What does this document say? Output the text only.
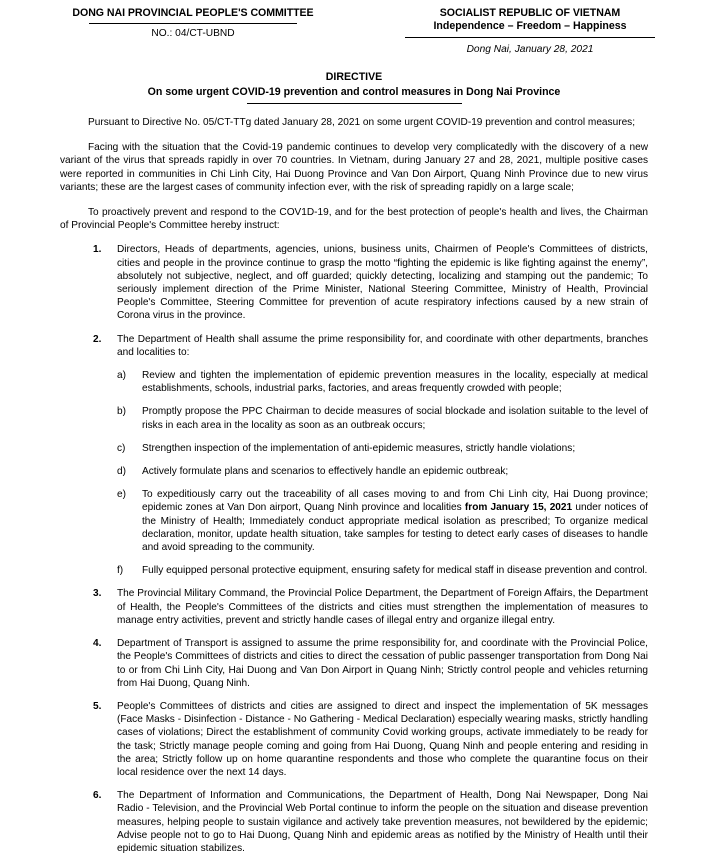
DONG NAI PROVINCIAL PEOPLE'S COMMITTEE
NO.: 04/CT-UBND
SOCIALIST REPUBLIC OF VIETNAM
Independence – Freedom – Happiness
Dong Nai, January 28, 2021
DIRECTIVE
On some urgent COVID-19 prevention and control measures in Dong Nai Province

Pursuant to Directive No. 05/CT-TTg dated January 28, 2021 on some urgent COVID-19 prevention and control measures;

Facing with the situation that the Covid-19 pandemic continues to develop very complicatedly with the discovery of a new variant of the virus that spreads rapidly in over 70 countries. In Vietnam, during January 27 and 28, 2021, multiple positive cases were reported in communities in Chi Linh City, Hai Duong Province and Van Don Airport, Quang Ninh Province due to new virus variants; these are the largest cases of community infection ever, with the risk of spreading rapidly on a large scale;

To proactively prevent and respond to the COV1D-19, and for the best protection of people's health and lives, the Chairman of Provincial People's Committee hereby instruct:

1. Directors, Heads of departments, agencies, unions, business units, Chairmen of People's Committees of districts, cities and people in the province continue to grasp the motto “fighting the epidemic is like fighting against the enemy”, absolutely not subjective, neglect, and off guarded; quickly detecting, localizing and stamping out the pandemic; To seriously implement direction of the Prime Minister, National Steering Committee, Ministry of Health, Provincial People's Committee, Steering Committee for prevention of acute respiratory infections caused by a new strain of Corona virus in the province.
2. The Department of Health shall assume the prime responsibility for, and coordinate with other departments, branches and localities to:
a) Review and tighten the implementation of epidemic prevention measures in the locality, especially at medical establishments, schools, industrial parks, factories, and areas frequently crowded with people;
b) Promptly propose the PPC Chairman to decide measures of social blockade and isolation suitable to the level of risks in each area in the locality as soon as an outbreak occurs;
c) Strengthen inspection of the implementation of anti-epidemic measures, strictly handle violations;
d) Actively formulate plans and scenarios to effectively handle an epidemic outbreak;
e) To expeditiously carry out the traceability of all cases moving to and from Chi Linh city, Hai Duong province; epidemic zones at Van Don airport, Quang Ninh province and localities from January 15, 2021 under notices of the Ministry of Health; Immediately conduct appropriate medical isolation as prescribed; To organize medical declaration, monitor, update health situation, take samples for testing to detect early cases of diseases to handle and avoid spreading to the community.
f) Fully equipped personal protective equipment, ensuring safety for medical staff in disease prevention and control.
3. The Provincial Military Command, the Provincial Police Department, the Department of Foreign Affairs, the Department of Health, the People's Committees of the districts and cities must strengthen the implementation of measures to manage entry activities, prevent and strictly handle cases of illegal entry and organize illegal entry.
4. Department of Transport is assigned to assume the prime responsibility for, and coordinate with the Provincial Police, the People's Committees of districts and cities to direct the cessation of public passenger transportation from Dong Nai to or from Chi Linh City, Hai Duong and Van Don Airport in Quang Ninh; Strictly control people and vehicles returning from Hai Duong, Quang Ninh.
5. People's Committees of districts and cities are assigned to direct and inspect the implementation of 5K messages (Face Masks - Disinfection - Distance - No Gathering - Medical Declaration) especially wearing masks, strictly handling cases of violations; Direct the establishment of community Covid working groups, activate immediately to be ready for the task; Strictly manage people coming and going from Hai Duong, Quang Ninh and people entering and residing in the area; Strictly follow up on home quarantine respondents and those who complete the quarantine focus on their local residence over the next 14 days.
6. The Department of Information and Communications, the Department of Health, Dong Nai Newspaper, Dong Nai Radio - Television, and the Provincial Web Portal continue to inform the people on the situation and disease prevention measures, helping people to sustain vigilance and actively take prevention measures, not bewildered by the epidemic; Advise people not to go to Hai Duong, Quang Ninh and epidemic areas as notified by the Ministry of Health until their epidemic situation stabilizes.
